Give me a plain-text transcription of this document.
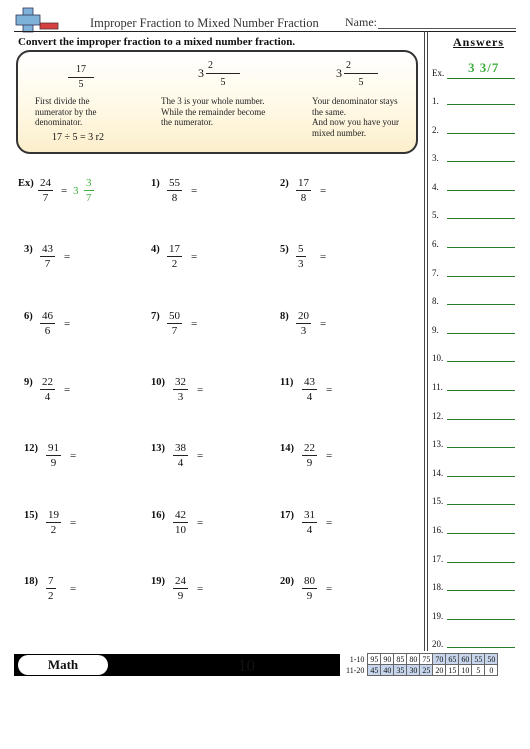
Improper Fraction to Mixed Number Fraction Name:
Convert the improper fraction to a mixed number fraction.	Answers
17
5
First divide the
numerator by the
denominator.
17 ÷ 5 = 3 r2
3
2
5
The 3 is your whole number.
While the remainder become
the numerator.
3
2
5
Your denominator stays
the same.
And now you have your
mixed number.
Ex) 24
7
= 3
3
7
1) 55
8
=
2) 17
8
=
3) 43
7
=
4) 17
2
=
5) 5
3
=
6) 46
6
=
7) 50
7
=
8) 20
3
=
9) 22
4
=
10) 32
3
=
11) 43
4
=
12) 91
9
=
13) 38
4
=
14) 22
9
=
15) 19
2
=
16) 42
10
=
17) 31
4
=
18) 7
2
=
19) 24
9
=
20) 80
9
=
Ex. 3 3/7
1.
2.
3.
4.
5.
6.
7.
8.
9.
10.
11.
12.
13.
14.
15.
16.
17.
18.
19.
20.
Math	10	1-10	95	90	85	80	75	70	65	60	55	50
11-20	45	40	35	30	25	20	15	10	5	0
